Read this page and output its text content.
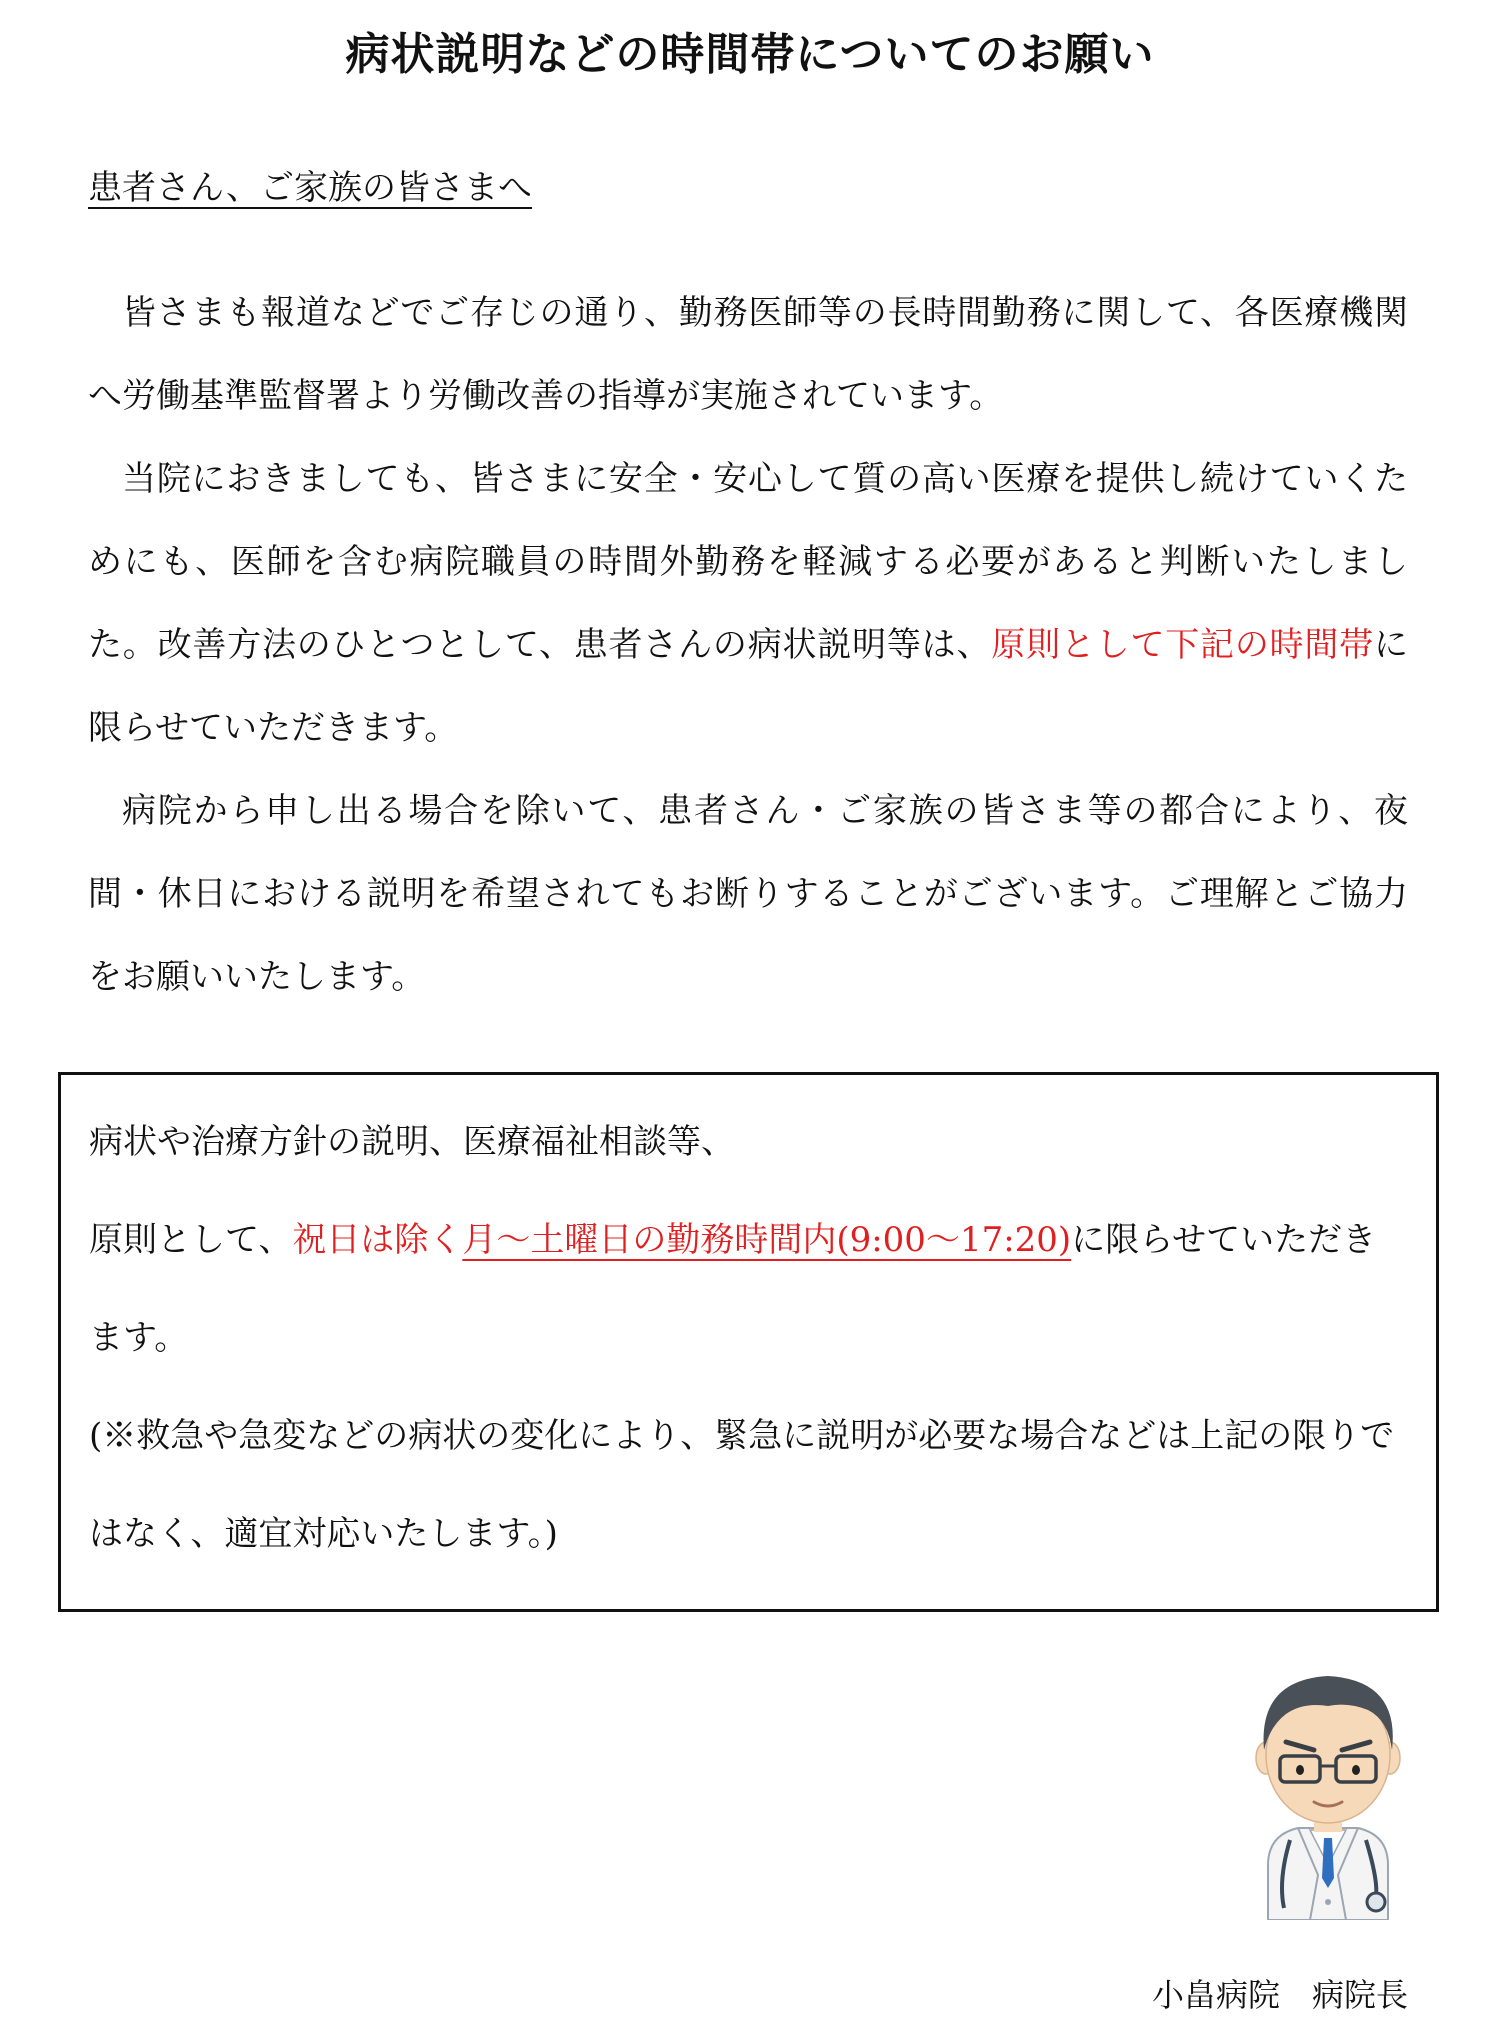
病状説明などの時間帯についてのお願い

患者さん、ご家族の皆さまへ

皆さまも報道などでご存じの通り、勤務医師等の長時間勤務に関して、各医療機関へ労働基準監督署より労働改善の指導が実施されています。

当院におきましても、皆さまに安全・安心して質の高い医療を提供し続けていくためにも、医師を含む病院職員の時間外勤務を軽減する必要があると判断いたしました。改善方法のひとつとして、患者さんの病状説明等は、原則として下記の時間帯に限らせていただきます。

病院から申し出る場合を除いて、患者さん・ご家族の皆さま等の都合により、夜間・休日における説明を希望されてもお断りすることがございます。ご理解とご協力をお願いいたします。

病状や治療方針の説明、医療福祉相談等、

原則として、祝日は除く月〜土曜日の勤務時間内(9:00〜17:20)に限らせていただきます。

(※救急や急変などの病状の変化により、緊急に説明が必要な場合などは上記の限りではなく、適宜対応いたします。)

小畠病院　病院長
